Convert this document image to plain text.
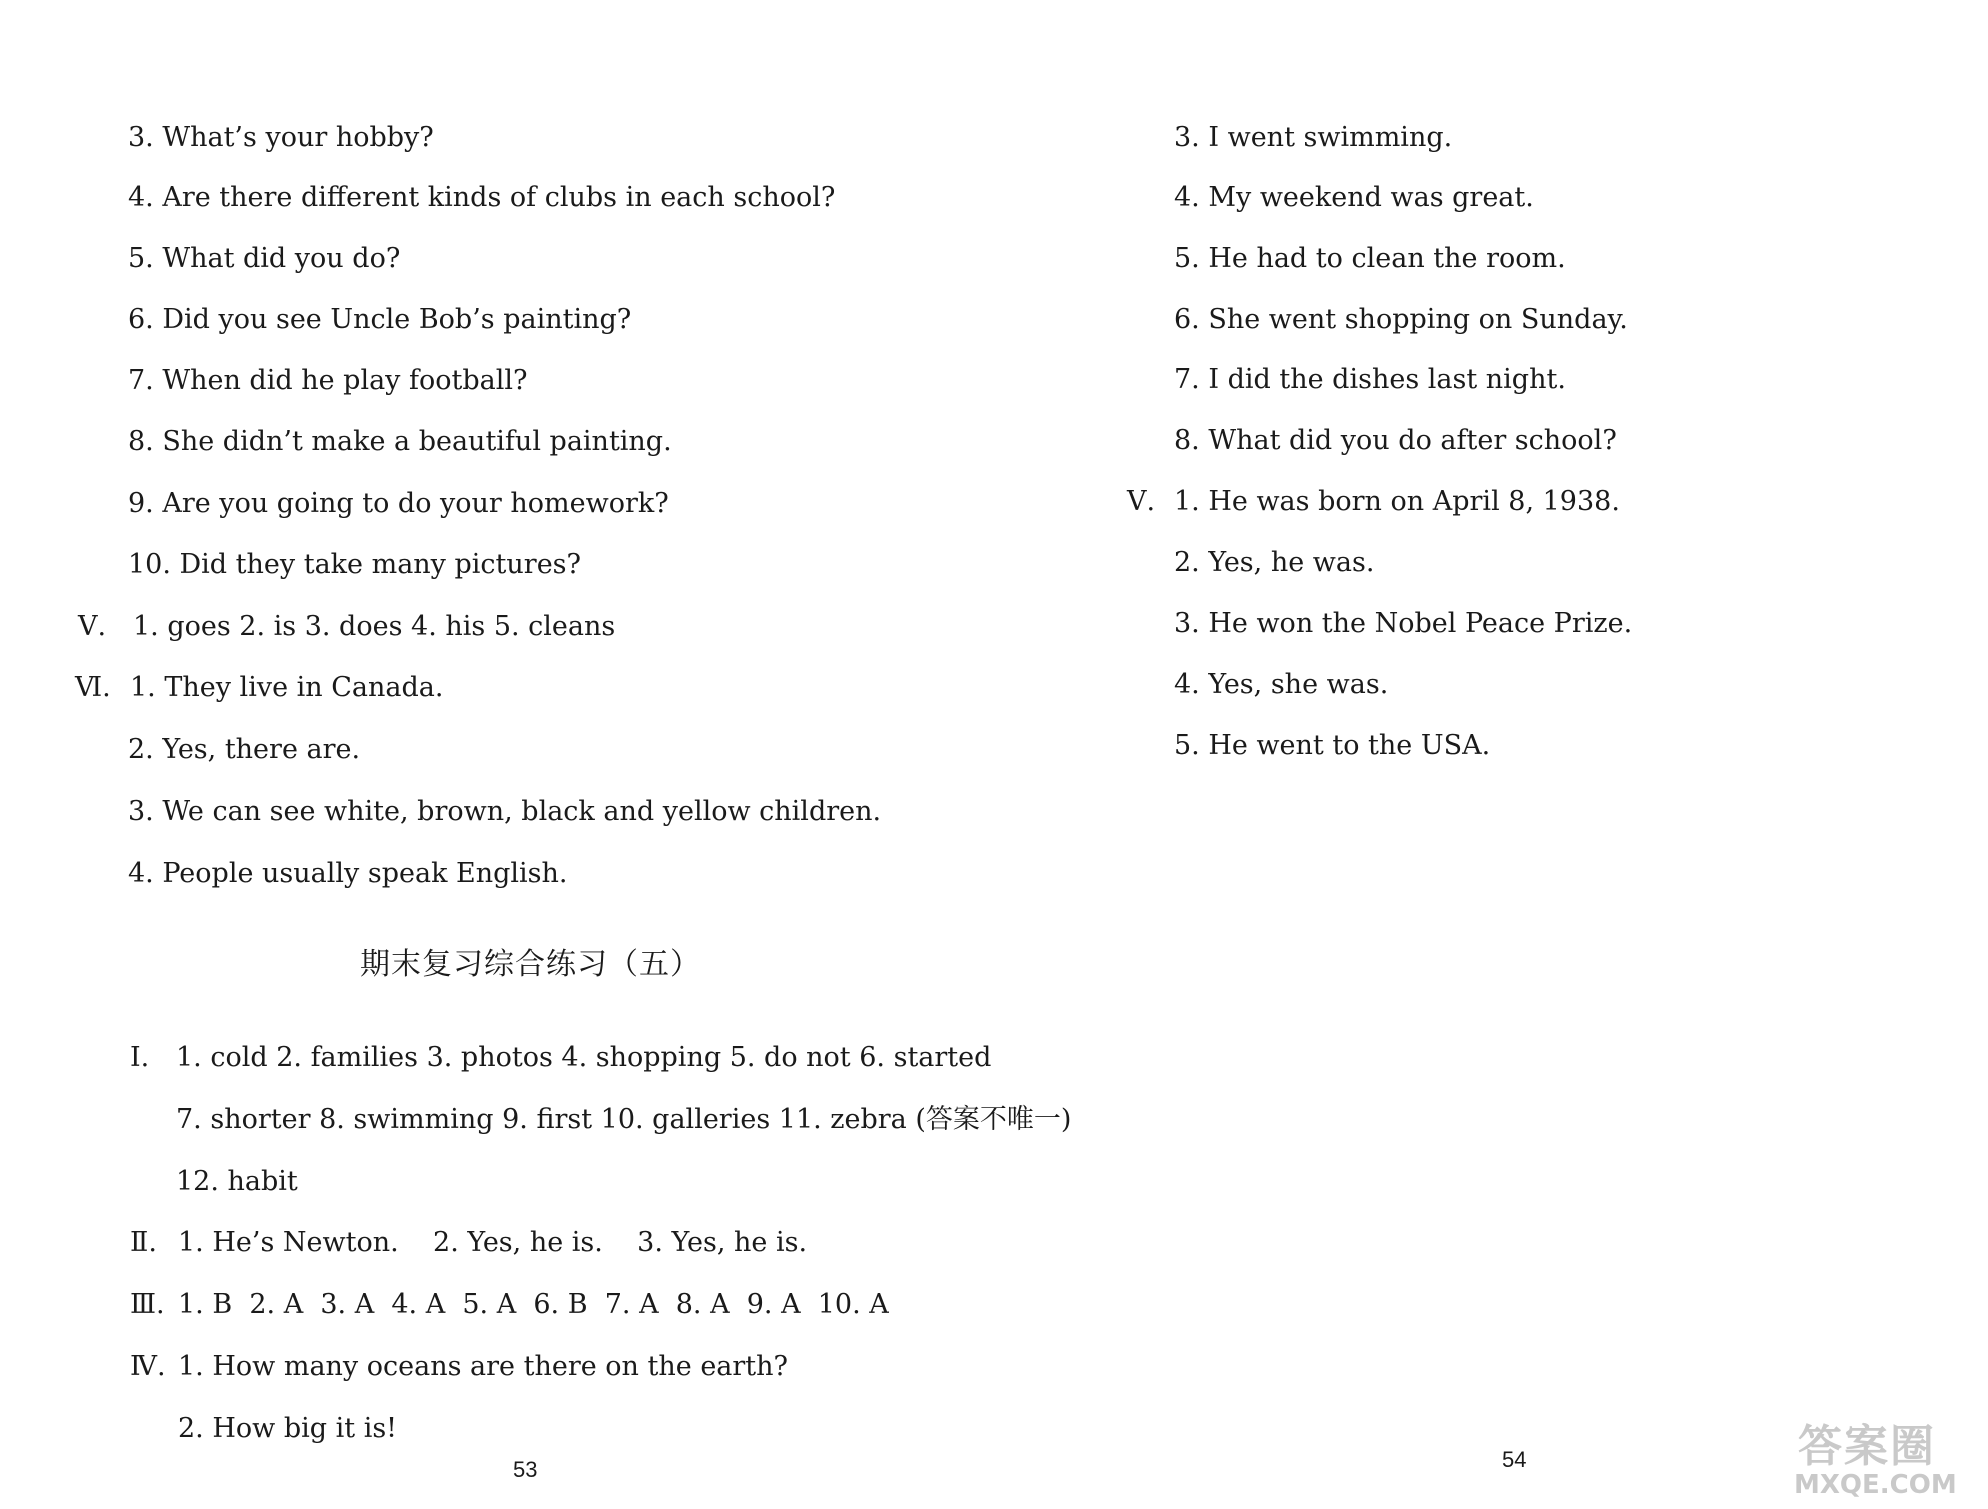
3. What’s your hobby?
4. Are there different kinds of clubs in each school?
5. What did you do?
6. Did you see Uncle Bob’s painting?
7. When did he play football?
8. She didn’t make a beautiful painting.
9. Are you going to do your homework?
10. Did they take many pictures?
Ⅴ. 1. goes 2. is 3. does 4. his 5. cleans
Ⅵ. 1. They live in Canada.
2. Yes, there are.
3. We can see white, brown, black and yellow children.
4. People usually speak English.
期末复习综合练习（五）
Ⅰ. 1. cold 2. families 3. photos 4. shopping 5. do not 6. started
7. shorter 8. swimming 9. first 10. galleries 11. zebra (答案不唯一)
12. habit
Ⅱ. 1. He’s Newton.    2. Yes, he is.    3. Yes, he is.
Ⅲ. 1. B  2. A  3. A  4. A  5. A  6. B  7. A  8. A  9. A  10. A
Ⅳ. 1. How many oceans are there on the earth?
2. How big it is!
53
3. I went swimming.
4. My weekend was great.
5. He had to clean the room.
6. She went shopping on Sunday.
7. I did the dishes last night.
8. What did you do after school?
Ⅴ. 1. He was born on April 8, 1938.
2. Yes, he was.
3. He won the Nobel Peace Prize.
4. Yes, she was.
5. He went to the USA.
54	答案圈
MXQE.COM
